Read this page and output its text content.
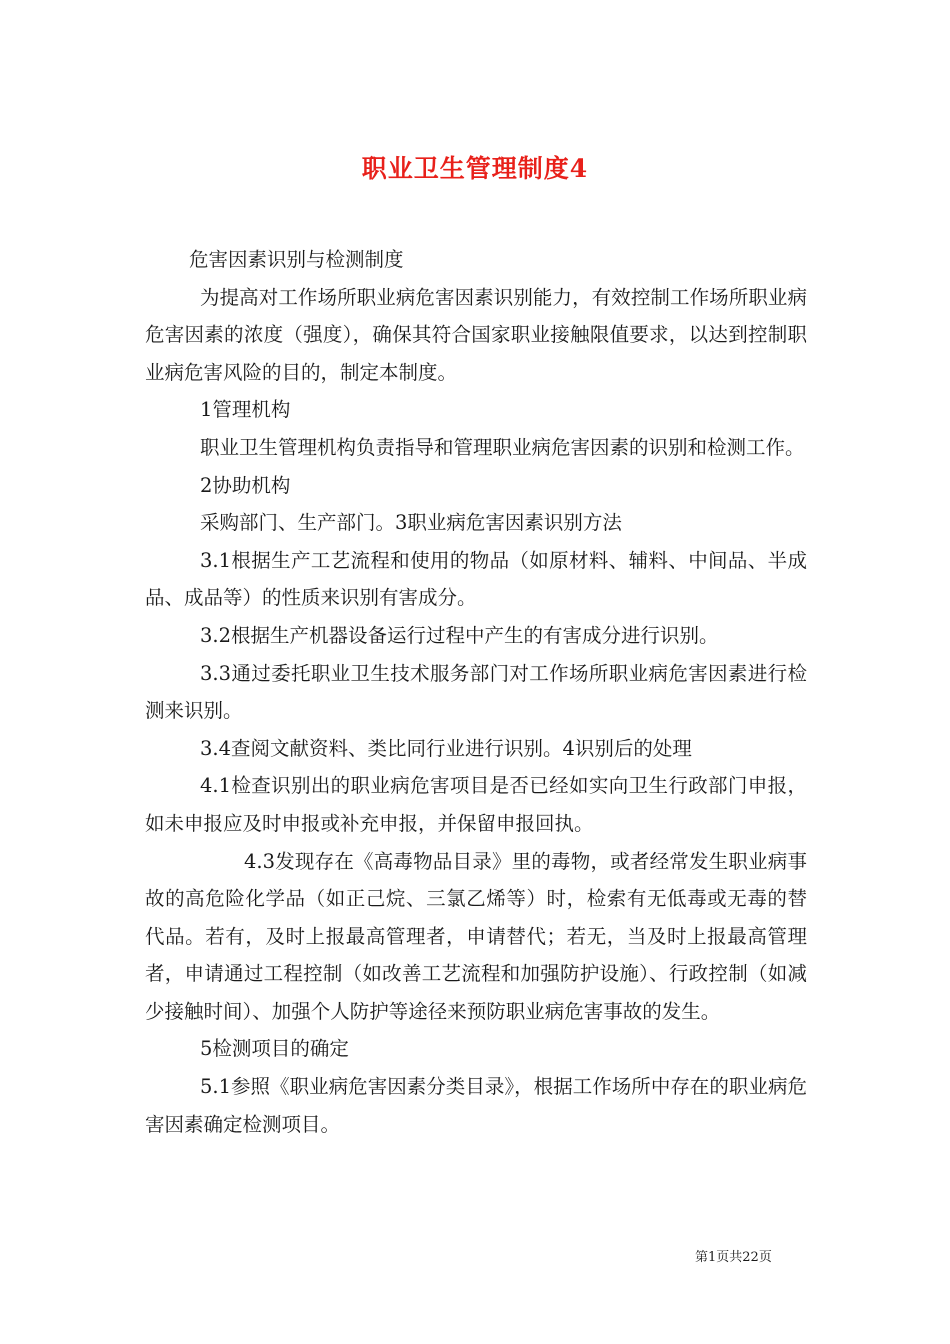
职业卫生管理制度4

危害因素识别与检测制度

为提高对工作场所职业病危害因素识别能力，有效控制工作场所职业病危害因素的浓度（强度），确保其符合国家职业接触限值要求，以达到控制职业病危害风险的目的，制定本制度。

1管理机构

职业卫生管理机构负责指导和管理职业病危害因素的识别和检测工作。

2协助机构

采购部门、生产部门。3职业病危害因素识别方法

3.1根据生产工艺流程和使用的物品（如原材料、辅料、中间品、半成品、成品等）的性质来识别有害成分。

3.2根据生产机器设备运行过程中产生的有害成分进行识别。

3.3通过委托职业卫生技术服务部门对工作场所职业病危害因素进行检测来识别。

3.4查阅文献资料、类比同行业进行识别。4识别后的处理

4.1检查识别出的职业病危害项目是否已经如实向卫生行政部门申报，如未申报应及时申报或补充申报，并保留申报回执。

4.3发现存在《高毒物品目录》里的毒物，或者经常发生职业病事故的高危险化学品（如正己烷、三氯乙烯等）时，检索有无低毒或无毒的替代品。若有，及时上报最高管理者，申请替代；若无，当及时上报最高管理者，申请通过工程控制（如改善工艺流程和加强防护设施）、行政控制（如减少接触时间）、加强个人防护等途径来预防职业病危害事故的发生。

5检测项目的确定

5.1参照《职业病危害因素分类目录》，根据工作场所中存在的职业病危害因素确定检测项目。

第1页共22页
